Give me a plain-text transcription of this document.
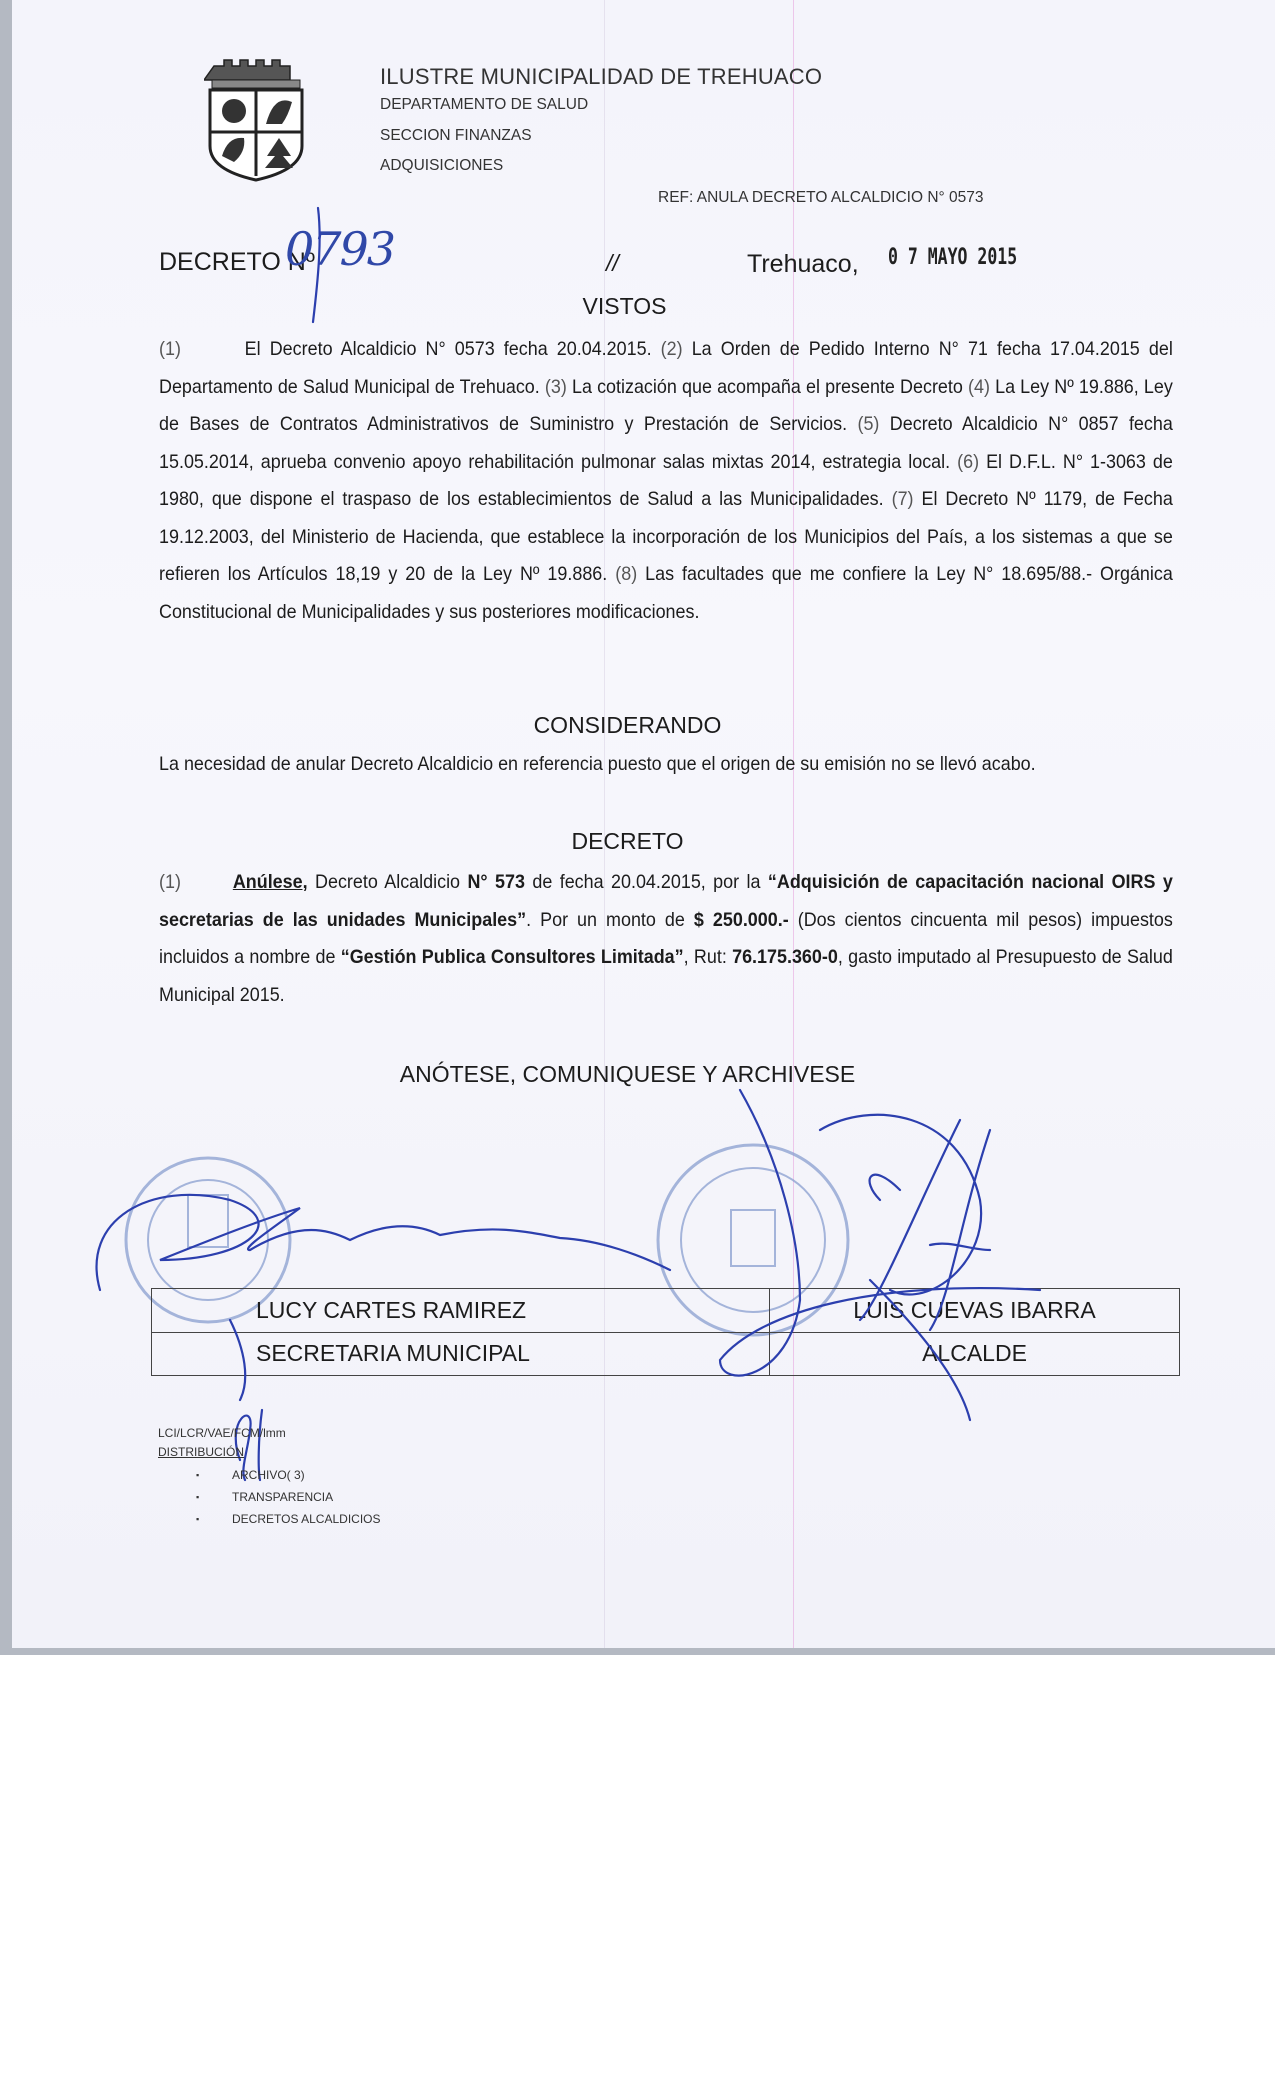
ILUSTRE MUNICIPALIDAD DE TREHUACO
DEPARTAMENTO DE SALUD
SECCION FINANZAS
ADQUISICIONES
REF: ANULA DECRETO ALCALDICIO N° 0573
DECRETO Nº
0793	//	Trehuaco, 0 7 MAYO 2015
VISTOS
(1)       El Decreto Alcaldicio N° 0573 fecha 20.04.2015. (2) La Orden de Pedido Interno N° 71 fecha 17.04.2015 del Departamento de Salud Municipal de Trehuaco. (3) La cotización que acompaña el presente Decreto (4) La Ley Nº 19.886, Ley de Bases de Contratos Administrativos de Suministro y Prestación de Servicios. (5) Decreto Alcaldicio N° 0857 fecha 15.05.2014, aprueba convenio apoyo rehabilitación pulmonar salas mixtas 2014, estrategia local. (6) El D.F.L. N° 1-3063 de 1980, que dispone el traspaso de los establecimientos de Salud a las Municipalidades. (7) El Decreto Nº 1179, de Fecha 19.12.2003, del Ministerio de Hacienda, que establece la incorporación de los Municipios del País, a los sistemas a que se refieren los Artículos 18,19 y 20 de la Ley Nº 19.886. (8) Las facultades que me confiere la Ley N° 18.695/88.- Orgánica Constitucional de Municipalidades y sus posteriores modificaciones.
CONSIDERANDO
La necesidad de anular Decreto Alcaldicio en referencia puesto que el origen de su emisión no se llevó acabo.
DECRETO
(1)	Anúlese, Decreto Alcaldicio N° 573 de fecha 20.04.2015, por la “Adquisición de capacitación nacional OIRS y secretarias de las unidades Municipales”. Por un monto de $ 250.000.- (Dos cientos cincuenta mil pesos) impuestos incluidos a nombre de “Gestión Publica Consultores Limitada”, Rut: 76.175.360-0, gasto imputado al Presupuesto de Salud Municipal 2015.
ANÓTESE, COMUNIQUESE Y ARCHIVESE
LUCY CARTES RAMIREZ	LUIS CUEVAS IBARRA
SECRETARIA MUNICIPAL	ALCALDE
LCI/LCR/VAE/FCM/lmm
DISTRIBUCIÓN
▪ ARCHIVO( 3)
▪ TRANSPARENCIA
▪ DECRETOS ALCALDICIOS
